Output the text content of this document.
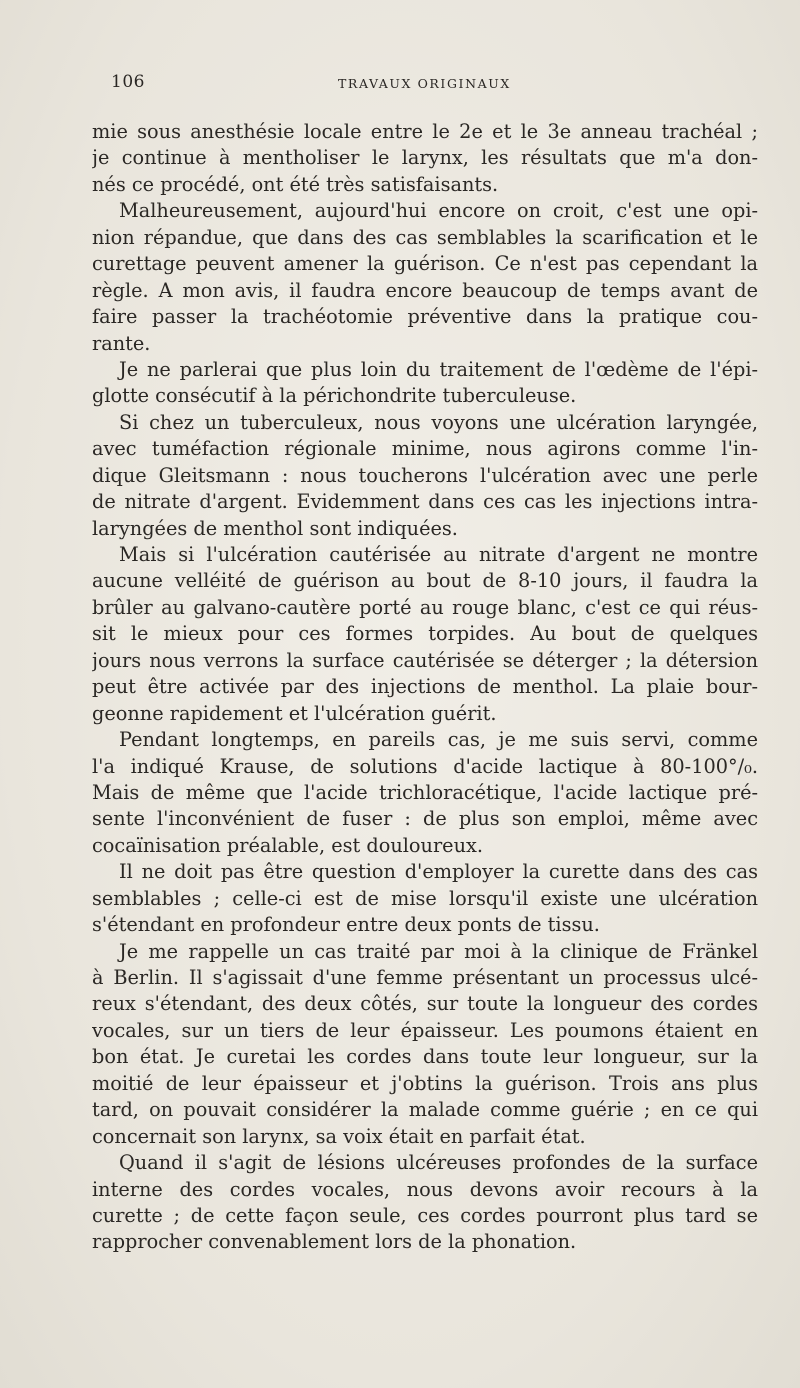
106	TRAVAUX ORIGINAUX
mie sous anesthésie locale entre le 2e et le 3e anneau trachéal ;
je continue à mentholiser le larynx, les résultats que m'a don-
nés ce procédé, ont été très satisfaisants.
Malheureusement, aujourd'hui encore on croit, c'est une opi-
nion répandue, que dans des cas semblables la scarification et le
curettage peuvent amener la guérison. Ce n'est pas cependant la
règle. A mon avis, il faudra encore beaucoup de temps avant de
faire passer la trachéotomie préventive dans la pratique cou-
rante.
Je ne parlerai que plus loin du traitement de l'œdème de l'épi-
glotte consécutif à la périchondrite tuberculeuse.
Si chez un tuberculeux, nous voyons une ulcération laryngée,
avec tuméfaction régionale minime, nous agirons comme l'in-
dique Gleitsmann : nous toucherons l'ulcération avec une perle
de nitrate d'argent. Evidemment dans ces cas les injections intra-
laryngées de menthol sont indiquées.
Mais si l'ulcération cautérisée au nitrate d'argent ne montre
aucune velléité de guérison au bout de 8-10 jours, il faudra la
brûler au galvano-cautère porté au rouge blanc, c'est ce qui réus-
sit le mieux pour ces formes torpides. Au bout de quelques
jours nous verrons la surface cautérisée se déterger ; la détersion
peut être activée par des injections de menthol. La plaie bour-
geonne rapidement et l'ulcération guérit.
Pendant longtemps, en pareils cas, je me suis servi, comme
l'a indiqué Krause, de solutions d'acide lactique à 80-100°/₀.
Mais de même que l'acide trichloracétique, l'acide lactique pré-
sente l'inconvénient de fuser : de plus son emploi, même avec
cocaïnisation préalable, est douloureux.
Il ne doit pas être question d'employer la curette dans des cas
semblables ; celle-ci est de mise lorsqu'il existe une ulcération
s'étendant en profondeur entre deux ponts de tissu.
Je me rappelle un cas traité par moi à la clinique de Fränkel
à Berlin. Il s'agissait d'une femme présentant un processus ulcé-
reux s'étendant, des deux côtés, sur toute la longueur des cordes
vocales, sur un tiers de leur épaisseur. Les poumons étaient en
bon état. Je curetai les cordes dans toute leur longueur, sur la
moitié de leur épaisseur et j'obtins la guérison. Trois ans plus
tard, on pouvait considérer la malade comme guérie ; en ce qui
concernait son larynx, sa voix était en parfait état.
Quand il s'agit de lésions ulcéreuses profondes de la surface
interne des cordes vocales, nous devons avoir recours à la
curette ; de cette façon seule, ces cordes pourront plus tard se
rapprocher convenablement lors de la phonation.
